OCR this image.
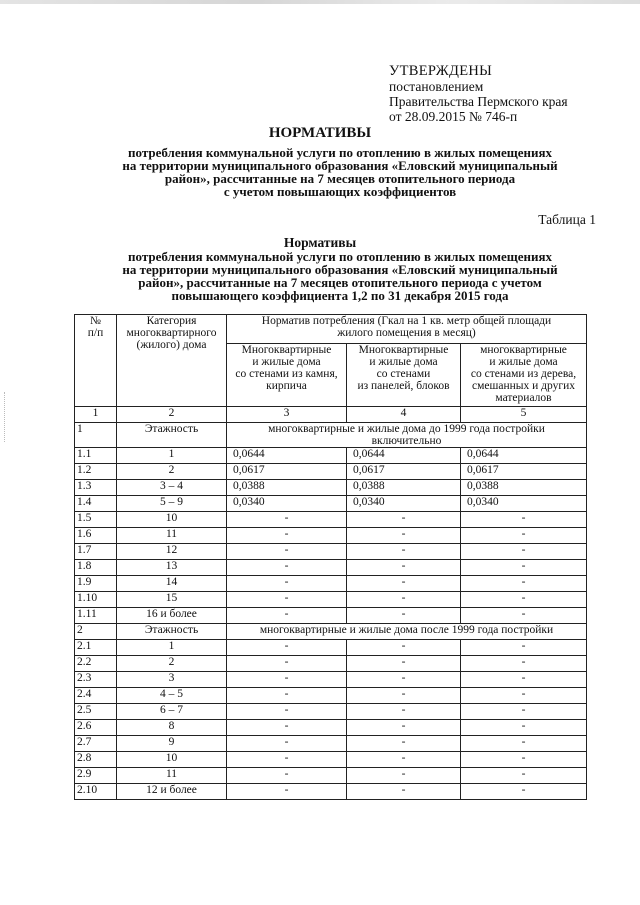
УТВЕРЖДЕНЫ
постановлением
Правительства Пермского края
от 28.09.2015 № 746-п
НОРМАТИВЫ
потребления коммунальной услуги по отоплению в жилых помещениях
на территории муниципального образования «Еловский муниципальный
район», рассчитанные на 7 месяцев отопительного периода
с учетом повышающих коэффициентов
Таблица 1
Нормативы
потребления коммунальной услуги по отоплению в жилых помещениях
на территории муниципального образования «Еловский муниципальный
район», рассчитанные на 7 месяцев отопительного периода с учетом
повышающего коэффициента 1,2 по 31 декабря 2015 года
№
п/п	Категория
многоквартирного
(жилого) дома	Норматив потребления (Гкал на 1 кв. метр общей площади
жилого помещения в месяц)		
		Многоквартирные
и жилые дома
со стенами из камня,
кирпича	Многоквартирные
и жилые дома
со стенами
из панелей, блоков	многоквартирные
и жилые дома
со стенами из дерева,
смешанных и других
материалов
1	2	3	4	5
1	Этажность	многоквартирные и жилые дома до 1999 года постройки
включительно		
1.1	1	0,0644	0,0644	0,0644
1.2	2	0,0617	0,0617	0,0617
1.3	3 – 4	0,0388	0,0388	0,0388
1.4	5 – 9	0,0340	0,0340	0,0340
1.5	10	-	-	-
1.6	11	-	-	-
1.7	12	-	-	-
1.8	13	-	-	-
1.9	14	-	-	-
1.10	15	-	-	-
1.11	16 и более	-	-	-
2	Этажность	многоквартирные и жилые дома после 1999 года постройки		
2.1	1	-	-	-
2.2	2	-	-	-
2.3	3	-	-	-
2.4	4 – 5	-	-	-
2.5	6 – 7	-	-	-
2.6	8	-	-	-
2.7	9	-	-	-
2.8	10	-	-	-
2.9	11	-	-	-
2.10	12 и более	-	-	-
